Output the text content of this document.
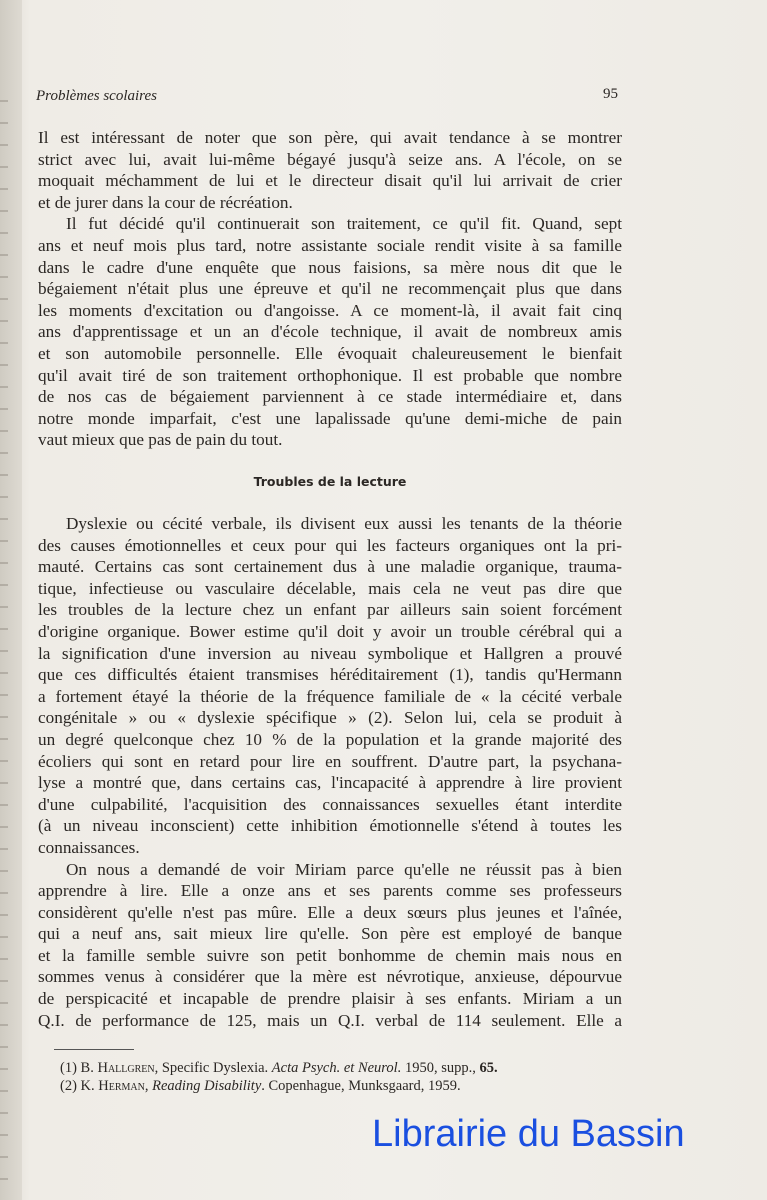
Problèmes scolaires	95
Il est intéressant de noter que son père, qui avait tendance à se montrer
strict avec lui, avait lui-même bégayé jusqu'à seize ans. A l'école, on se
moquait méchamment de lui et le directeur disait qu'il lui arrivait de crier
et de jurer dans la cour de récréation.
Il fut décidé qu'il continuerait son traitement, ce qu'il fit. Quand, sept
ans et neuf mois plus tard, notre assistante sociale rendit visite à sa famille
dans le cadre d'une enquête que nous faisions, sa mère nous dit que le
bégaiement n'était plus une épreuve et qu'il ne recommençait plus que dans
les moments d'excitation ou d'angoisse. A ce moment-là, il avait fait cinq
ans d'apprentissage et un an d'école technique, il avait de nombreux amis
et son automobile personnelle. Elle évoquait chaleureusement le bienfait
qu'il avait tiré de son traitement orthophonique. Il est probable que nombre
de nos cas de bégaiement parviennent à ce stade intermédiaire et, dans
notre monde imparfait, c'est une lapalissade qu'une demi-miche de pain
vaut mieux que pas de pain du tout.
Troubles de la lecture
Dyslexie ou cécité verbale, ils divisent eux aussi les tenants de la théorie
des causes émotionnelles et ceux pour qui les facteurs organiques ont la pri-
mauté. Certains cas sont certainement dus à une maladie organique, trauma-
tique, infectieuse ou vasculaire décelable, mais cela ne veut pas dire que
les troubles de la lecture chez un enfant par ailleurs sain soient forcément
d'origine organique. Bower estime qu'il doit y avoir un trouble cérébral qui a
la signification d'une inversion au niveau symbolique et Hallgren a prouvé
que ces difficultés étaient transmises héréditairement (1), tandis qu'Hermann
a fortement étayé la théorie de la fréquence familiale de « la cécité verbale
congénitale » ou « dyslexie spécifique » (2). Selon lui, cela se produit à
un degré quelconque chez 10 % de la population et la grande majorité des
écoliers qui sont en retard pour lire en souffrent. D'autre part, la psychana-
lyse a montré que, dans certains cas, l'incapacité à apprendre à lire provient
d'une culpabilité, l'acquisition des connaissances sexuelles étant interdite
(à un niveau inconscient) cette inhibition émotionnelle s'étend à toutes les
connaissances.
On nous a demandé de voir Miriam parce qu'elle ne réussit pas à bien
apprendre à lire. Elle a onze ans et ses parents comme ses professeurs
considèrent qu'elle n'est pas mûre. Elle a deux sœurs plus jeunes et l'aînée,
qui a neuf ans, sait mieux lire qu'elle. Son père est employé de banque
et la famille semble suivre son petit bonhomme de chemin mais nous en
sommes venus à considérer que la mère est névrotique, anxieuse, dépourvue
de perspicacité et incapable de prendre plaisir à ses enfants. Miriam a un
Q.I. de performance de 125, mais un Q.I. verbal de 114 seulement. Elle a
(1) B. Hallgren, Specific Dyslexia. Acta Psych. et Neurol. 1950, supp., 65.
(2) K. Herman, Reading Disability. Copenhague, Munksgaard, 1959.
Librairie du Bassin
